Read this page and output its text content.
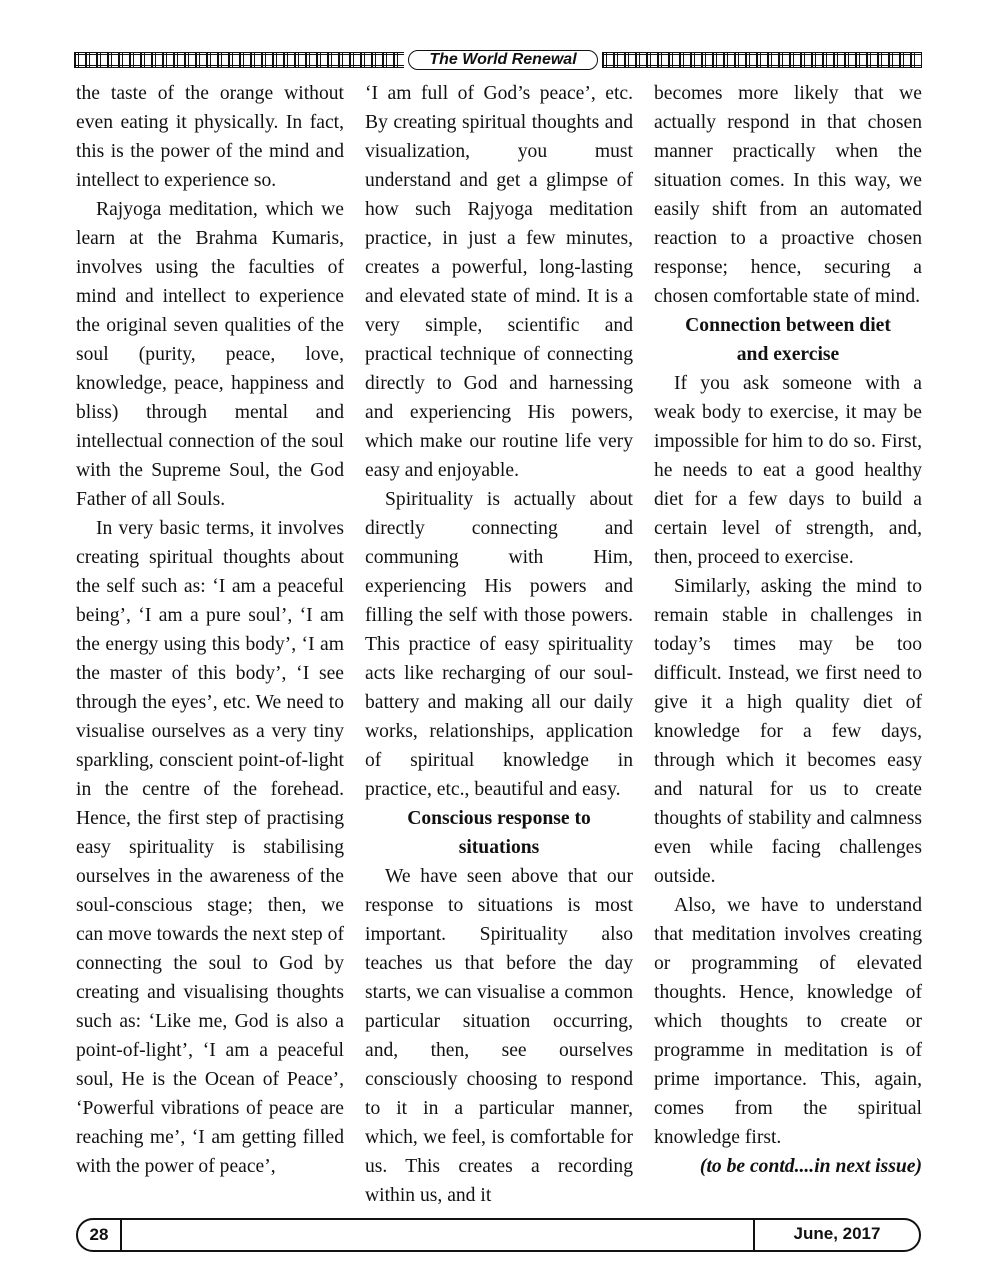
The World Renewal

the taste of the orange without even eating it physically. In fact, this is the power of the mind and intellect to experience so.

Rajyoga meditation, which we learn at the Brahma Kumaris, involves using the faculties of mind and intellect to experience the original seven qualities of the soul (purity, peace, love, knowledge, peace, happiness and bliss) through mental and intellectual connection of the soul with the Supreme Soul, the God Father of all Souls.

In very basic terms, it involves creating spiritual thoughts about the self such as: ‘I am a peaceful being’, ‘I am a pure soul’, ‘I am the energy using this body’, ‘I am the master of this body’, ‘I see through the eyes’, etc. We need to visualise ourselves as a very tiny sparkling, conscient point-of-light in the centre of the forehead. Hence, the first step of practising easy spirituality is stabilising ourselves in the awareness of the soul-conscious stage; then, we can move towards the next step of connecting the soul to God by creating and visualising thoughts such as: ‘Like me, God is also a point-of-light’, ‘I am a peaceful soul, He is the Ocean of Peace’, ‘Powerful vibrations of peace are reaching me’, ‘I am getting filled with the power of peace’,

‘I am full of God’s peace’, etc. By creating spiritual thoughts and visualization, you must understand and get a glimpse of how such Rajyoga meditation practice, in just a few minutes, creates a powerful, long-lasting and elevated state of mind. It is a very simple, scientific and practical technique of connecting directly to God and harnessing and experiencing His powers, which make our routine life very easy and enjoyable.

Spirituality is actually about directly connecting and communing with Him, experiencing His powers and filling the self with those powers. This practice of easy spirituality acts like recharging of our soul-battery and making all our daily works, relationships, application of spiritual knowledge in practice, etc., beautiful and easy.

Conscious response to
situations

We have seen above that our response to situations is most important. Spirituality also teaches us that before the day starts, we can visualise a common particular situation occurring, and, then, see ourselves consciously choosing to respond to it in a particular manner, which, we feel, is comfortable for us. This creates a recording within us, and it

becomes more likely that we actually respond in that chosen manner practically when the situation comes. In this way, we easily shift from an automated reaction to a proactive chosen response; hence, securing a chosen comfortable state of mind.

Connection between diet
and exercise

If you ask someone with a weak body to exercise, it may be impossible for him to do so. First, he needs to eat a good healthy diet for a few days to build a certain level of strength, and, then, proceed to exercise.

Similarly, asking the mind to remain stable in challenges in today’s times may be too difficult. Instead, we first need to give it a high quality diet of knowledge for a few days, through which it becomes easy and natural for us to create thoughts of stability and calmness even while facing challenges outside.

Also, we have to understand that meditation involves creating or programming of elevated thoughts. Hence, knowledge of which thoughts to create or programme in meditation is of prime importance. This, again, comes from the spiritual knowledge first.

(to be contd....in next issue)

28	June, 2017
